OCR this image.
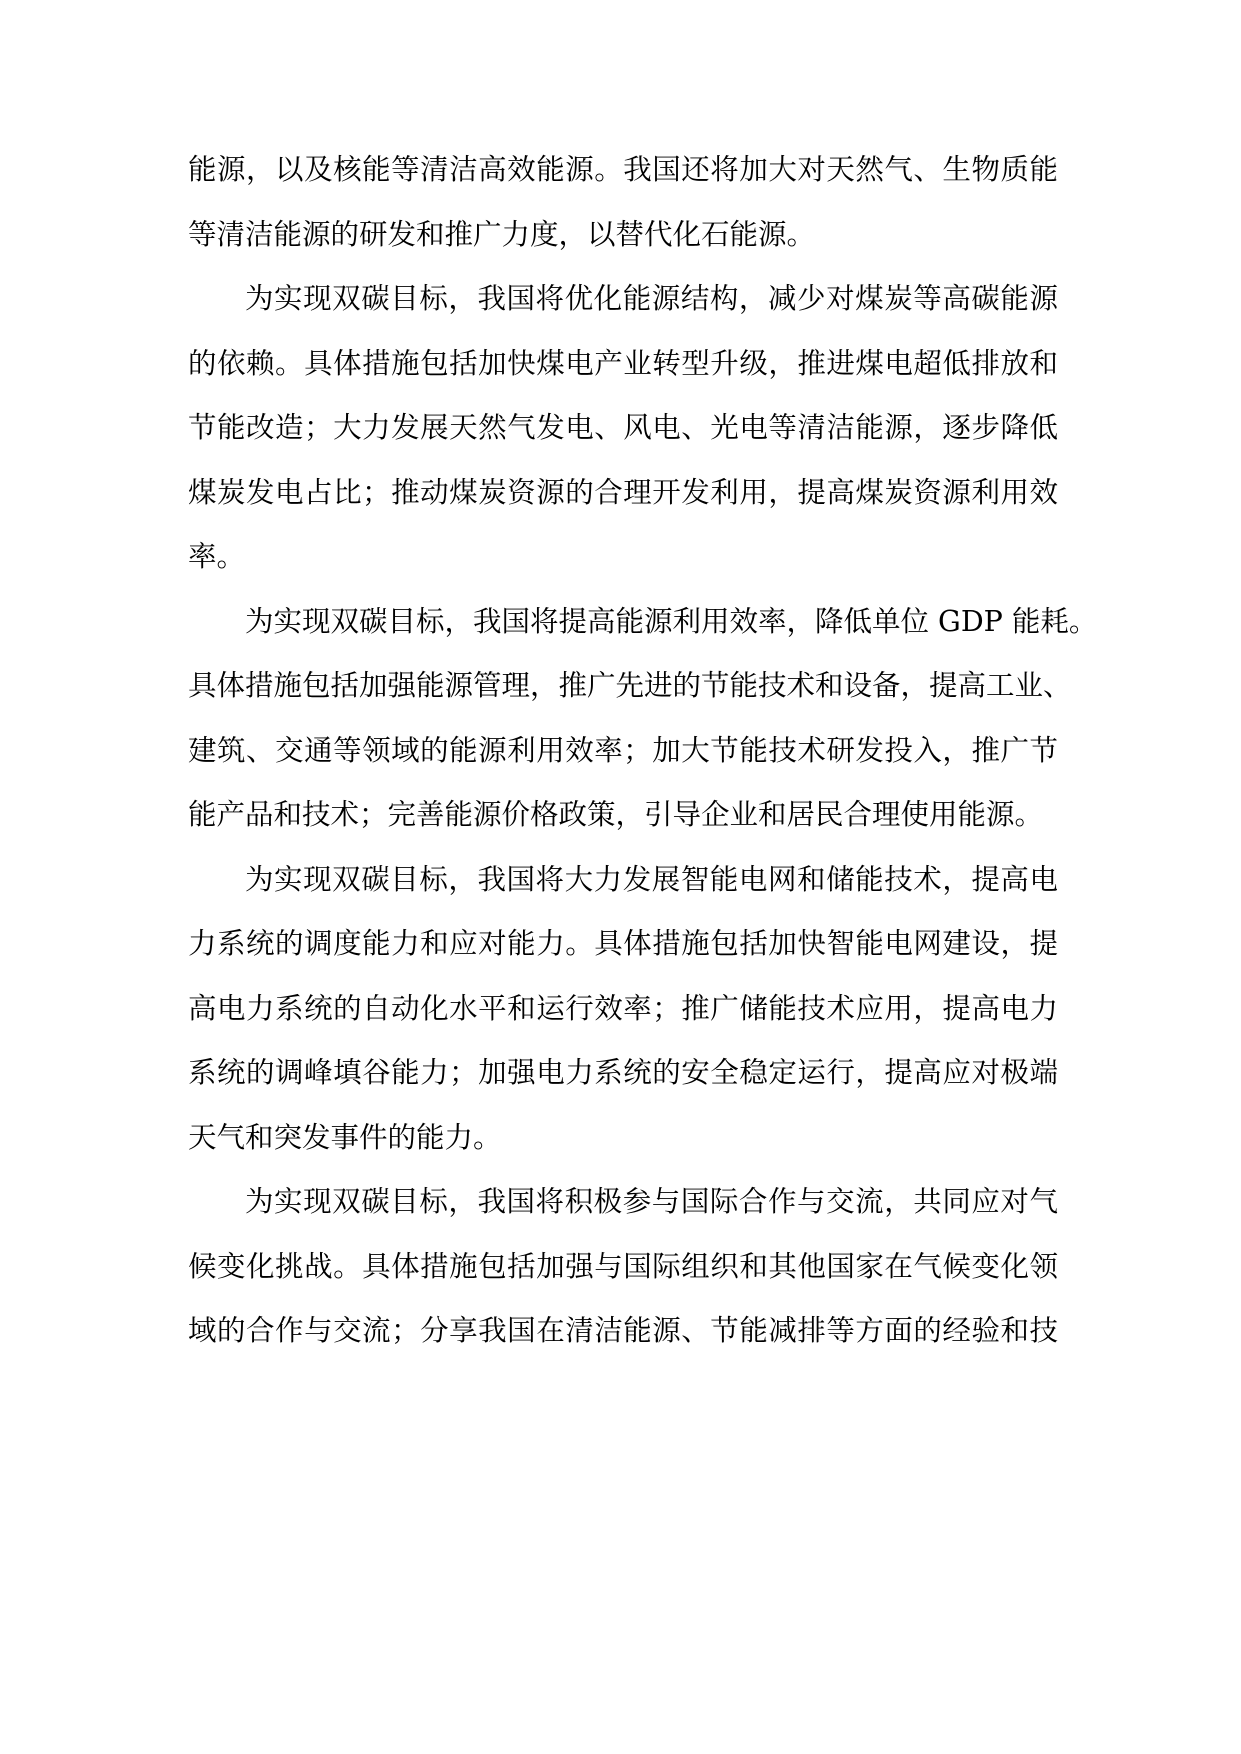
能源，以及核能等清洁高效能源。我国还将加大对天然气、生物质能
等清洁能源的研发和推广力度，以替代化石能源。
为实现双碳目标，我国将优化能源结构，减少对煤炭等高碳能源
的依赖。具体措施包括加快煤电产业转型升级，推进煤电超低排放和
节能改造；大力发展天然气发电、风电、光电等清洁能源，逐步降低
煤炭发电占比；推动煤炭资源的合理开发利用，提高煤炭资源利用效
率。
为实现双碳目标，我国将提高能源利用效率，降低单位 GDP 能耗。
具体措施包括加强能源管理，推广先进的节能技术和设备，提高工业、
建筑、交通等领域的能源利用效率；加大节能技术研发投入，推广节
能产品和技术；完善能源价格政策，引导企业和居民合理使用能源。
为实现双碳目标，我国将大力发展智能电网和储能技术，提高电
力系统的调度能力和应对能力。具体措施包括加快智能电网建设，提
高电力系统的自动化水平和运行效率；推广储能技术应用，提高电力
系统的调峰填谷能力；加强电力系统的安全稳定运行，提高应对极端
天气和突发事件的能力。
为实现双碳目标，我国将积极参与国际合作与交流，共同应对气
候变化挑战。具体措施包括加强与国际组织和其他国家在气候变化领
域的合作与交流；分享我国在清洁能源、节能减排等方面的经验和技
